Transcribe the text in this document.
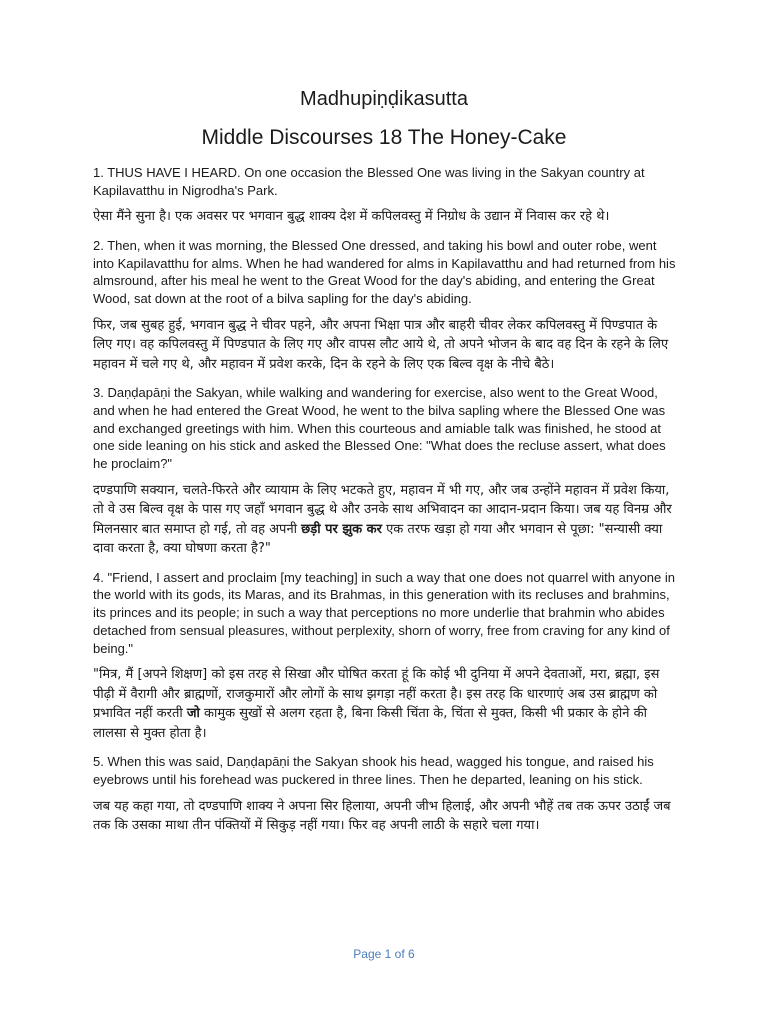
Madhupiṇḍikasutta
Middle Discourses 18 The Honey-Cake

1. THUS HAVE I HEARD. On one occasion the Blessed One was living in the Sakyan country at Kapilavatthu in Nigrodha's Park.

ऐसा मैंने सुना है। एक अवसर पर भगवान बुद्ध शाक्य देश में कपिलवस्तु में निग्रोध के उद्यान में निवास कर रहे थे।

2. Then, when it was morning, the Blessed One dressed, and taking his bowl and outer robe, went into Kapilavatthu for alms. When he had wandered for alms in Kapilavatthu and had returned from his almsround, after his meal he went to the Great Wood for the day's abiding, and entering the Great Wood, sat down at the root of a bilva sapling for the day's abiding.

फिर, जब सुबह हुई, भगवान बुद्ध ने चीवर पहने, और अपना भिक्षा पात्र और बाहरी चीवर लेकर कपिलवस्तु में पिण्डपात के लिए गए। वह कपिलवस्तु में पिण्डपात के लिए गए और वापस लौट आये थे, तो अपने भोजन के बाद वह दिन के रहने के लिए महावन में चले गए थे, और महावन में प्रवेश करके, दिन के रहने के लिए एक बिल्व वृक्ष के नीचे बैठे।

3. Daṇḍapāṇi the Sakyan, while walking and wandering for exercise, also went to the Great Wood, and when he had entered the Great Wood, he went to the bilva sapling where the Blessed One was and exchanged greetings with him. When this courteous and amiable talk was finished, he stood at one side leaning on his stick and asked the Blessed One: "What does the recluse assert, what does he proclaim?"

दण्डपाणि सक्यान, चलते-फिरते और व्यायाम के लिए भटकते हुए, महावन में भी गए, और जब उन्होंने महावन में प्रवेश किया, तो वे उस बिल्व वृक्ष के पास गए जहाँ भगवान बुद्ध थे और उनके साथ अभिवादन का आदान-प्रदान किया। जब यह विनम्र और मिलनसार बात समाप्त हो गई, तो वह अपनी छड़ी पर झुक कर एक तरफ खड़ा हो गया और भगवान से पूछा: "सन्यासी क्या दावा करता है, क्या घोषणा करता है?"

4. "Friend, I assert and proclaim [my teaching] in such a way that one does not quarrel with anyone in the world with its gods, its Maras, and its Brahmas, in this generation with its recluses and brahmins, its princes and its people; in such a way that perceptions no more underlie that brahmin who abides detached from sensual pleasures, without perplexity, shorn of worry, free from craving for any kind of being."

"मित्र, मैं [अपने शिक्षण] को इस तरह से सिखा और घोषित करता हूं कि कोई भी दुनिया में अपने देवताओं, मरा, ब्रह्मा, इस पीढ़ी में वैरागी और ब्राह्मणों, राजकुमारों और लोगों के साथ झगड़ा नहीं करता है। इस तरह कि धारणाएं अब उस ब्राह्मण को प्रभावित नहीं करती जो कामुक सुखों से अलग रहता है, बिना किसी चिंता के, चिंता से मुक्त, किसी भी प्रकार के होने की लालसा से मुक्त होता है।

5. When this was said, Daṇḍapāṇi the Sakyan shook his head, wagged his tongue, and raised his eyebrows until his forehead was puckered in three lines. Then he departed, leaning on his stick.

जब यह कहा गया, तो दण्डपाणि शाक्य ने अपना सिर हिलाया, अपनी जीभ हिलाई, और अपनी भौहें तब तक ऊपर उठाईं जब तक कि उसका माथा तीन पंक्तियों में सिकुड़ नहीं गया। फिर वह अपनी लाठी के सहारे चला गया।

Page 1 of 6
